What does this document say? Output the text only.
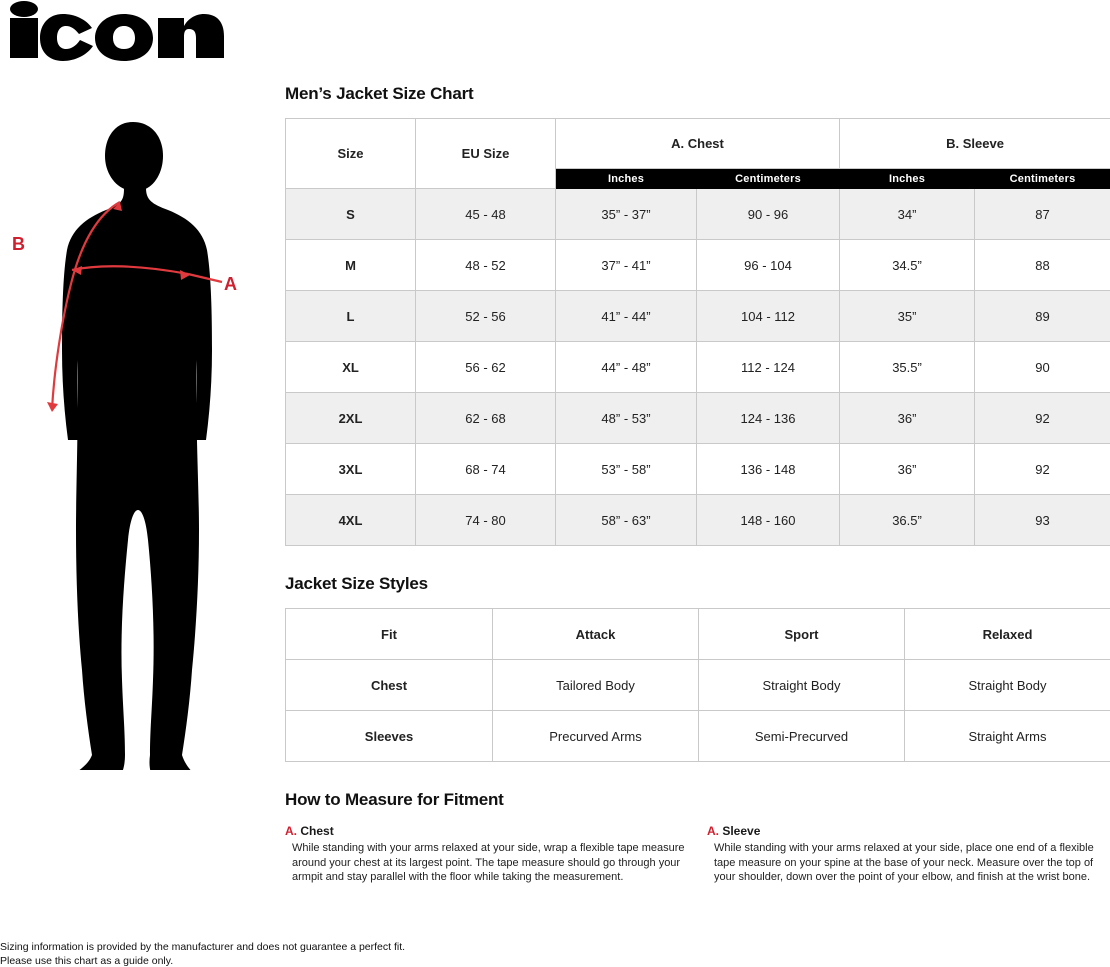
®
A
B
Men’s Jacket Size Chart
Size	EU Size	A. Chest		B. Sleeve	
		Inches	Centimeters	Inches	Centimeters
S	45 - 48	35” - 37”	90 - 96	34”	87
M	48 - 52	37” - 41”	96 - 104	34.5”	88
L	52 - 56	41” - 44”	104 - 112	35”	89
XL	56 - 62	44” - 48”	112 - 124	35.5”	90
2XL	62 - 68	48” - 53”	124 - 136	36”	92
3XL	68 - 74	53” - 58”	136 - 148	36”	92
4XL	74 - 80	58” - 63”	148 - 160	36.5”	93
Jacket Size Styles
Fit	Attack	Sport	Relaxed
Chest	Tailored Body	Straight Body	Straight Body
Sleeves	Precurved Arms	Semi-Precurved	Straight Arms
How to Measure for Fitment
A. Chest
While standing with your arms relaxed at your side, wrap a flexible tape measure around your chest at its largest point. The tape measure should go through your armpit and stay parallel with the floor while taking the measurement.
A. Sleeve
While standing with your arms relaxed at your side, place one end of a flexible tape measure on your spine at the base of your neck. Measure over the top of your shoulder, down over the point of your elbow, and finish at the wrist bone.
Sizing information is provided by the manufacturer and does not guarantee a perfect fit.
Please use this chart as a guide only.
